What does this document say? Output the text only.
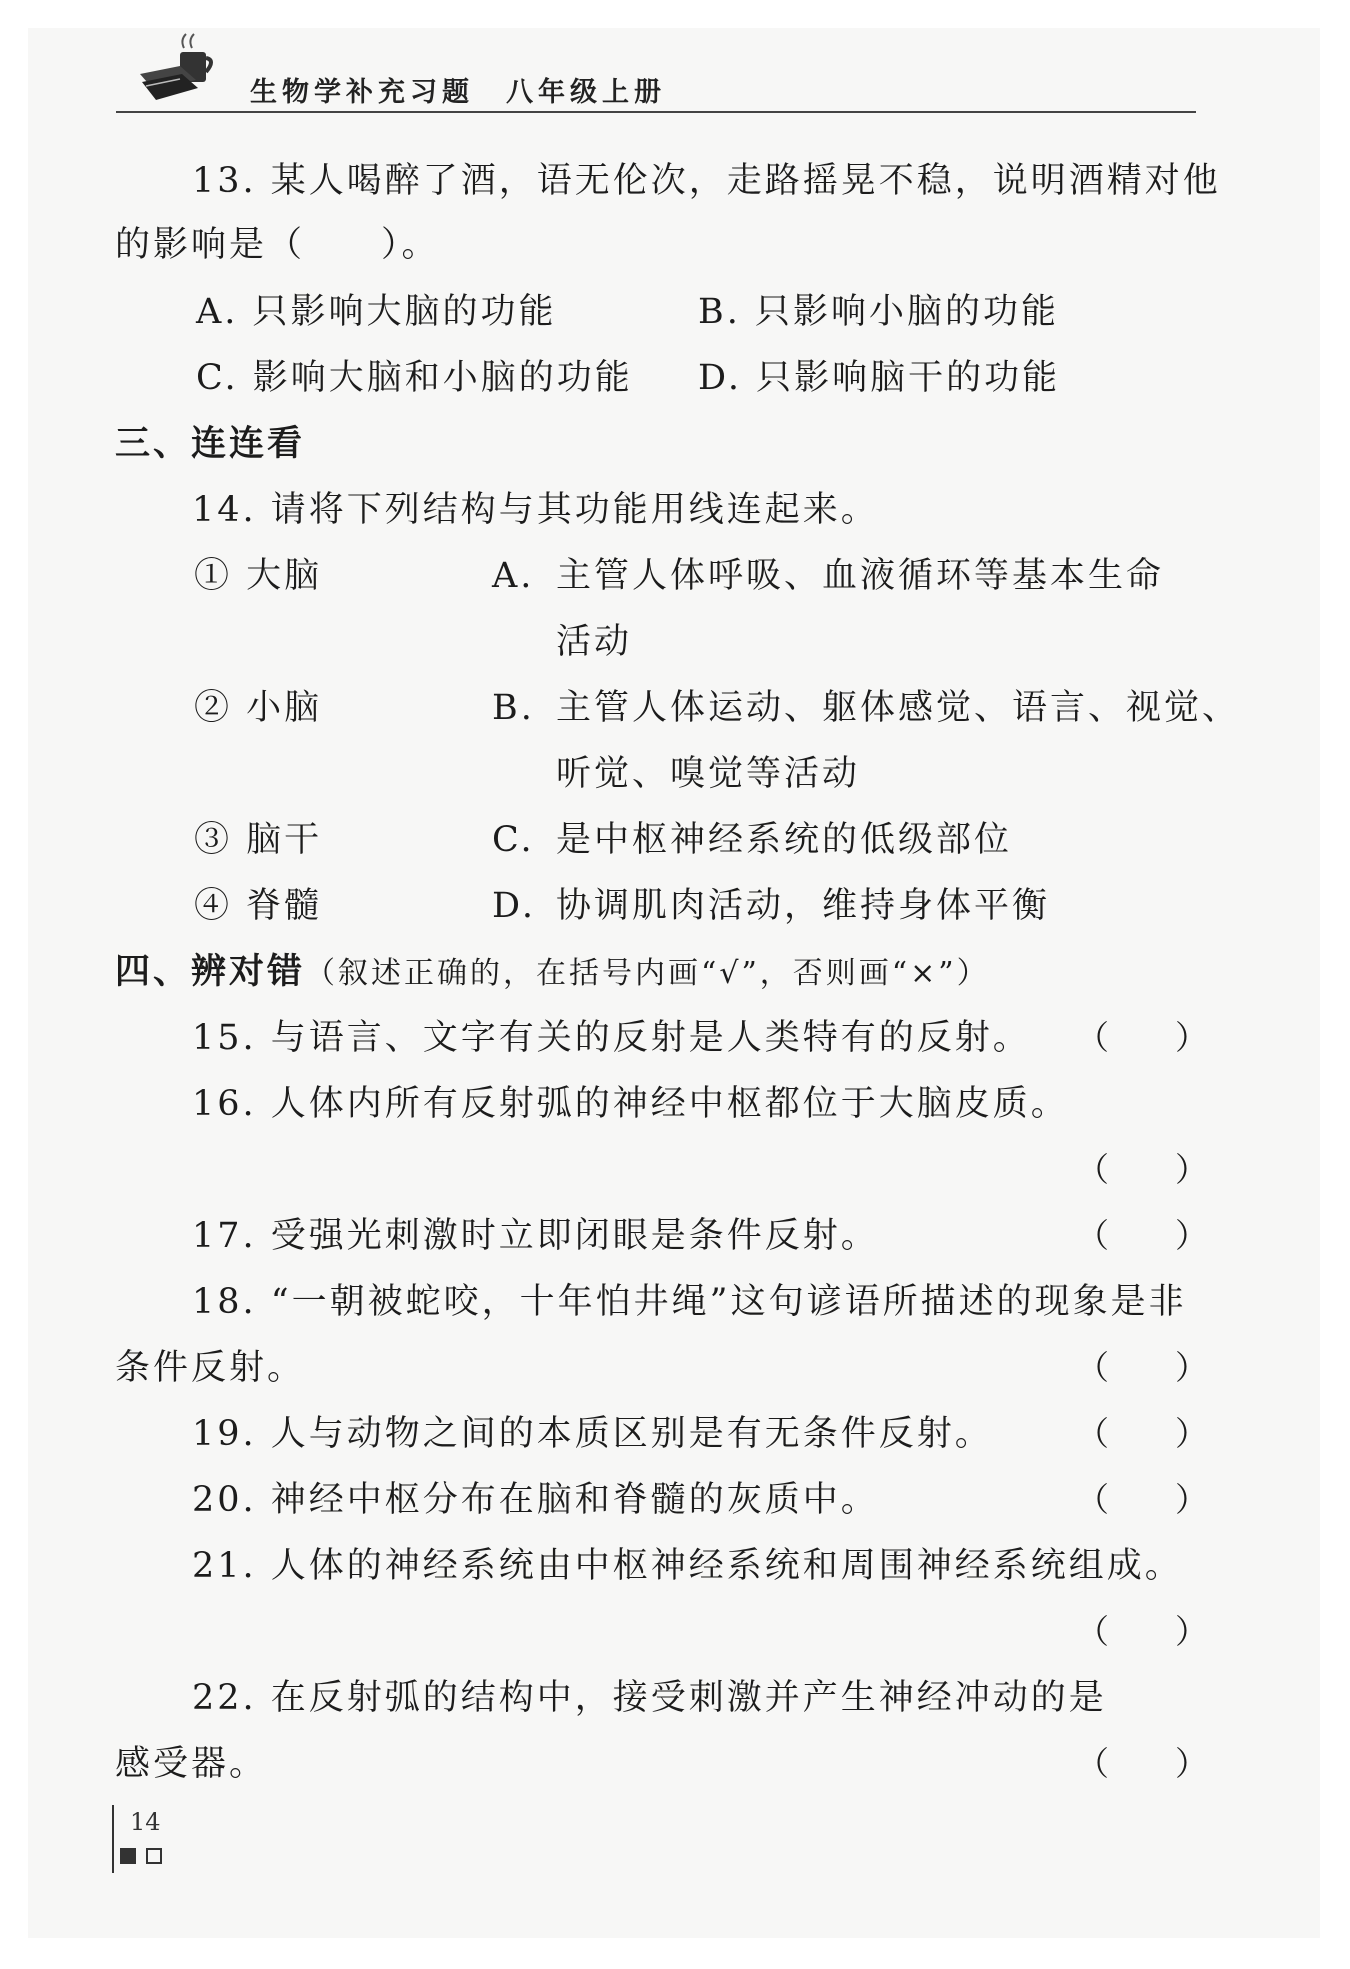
生物学补充习题　八年级上册
13. 某人喝醉了酒，语无伦次，走路摇晃不稳，说明酒精对他
的影响是（　　）。
A. 只影响大脑的功能	B. 只影响小脑的功能
C. 影响大脑和小脑的功能 D. 只影响脑干的功能
三、连连看
14. 请将下列结构与其功能用线连起来。
① 大脑	A. 主管人体呼吸、血液循环等基本生命
活动
② 小脑	B. 主管人体运动、躯体感觉、语言、视觉、
听觉、嗅觉等活动
③ 脑干	C. 是中枢神经系统的低级部位
④ 脊髓	D. 协调肌肉活动，维持身体平衡
四、辨对错（叙述正确的，在括号内画“√”，否则画“×”）
15. 与语言、文字有关的反射是人类特有的反射。 （　　）
16. 人体内所有反射弧的神经中枢都位于大脑皮质。
（　　）
17. 受强光刺激时立即闭眼是条件反射。	（　　）
18. “一朝被蛇咬，十年怕井绳”这句谚语所描述的现象是非
条件反射。	（　　）
19. 人与动物之间的本质区别是有无条件反射。	（　　）
20. 神经中枢分布在脑和脊髓的灰质中。	（　　）
21. 人体的神经系统由中枢神经系统和周围神经系统组成。
（　　）
22. 在反射弧的结构中，接受刺激并产生神经冲动的是
感受器。	（　　）
14
